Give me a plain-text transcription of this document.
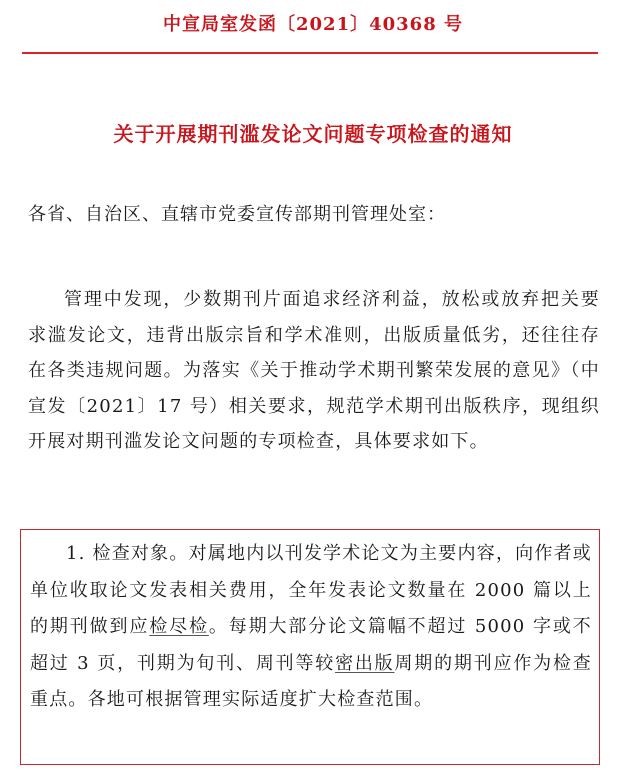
中宣局室发函〔2021〕40368 号
关于开展期刊滥发论文问题专项检查的通知
各省、自治区、直辖市党委宣传部期刊管理处室：

管理中发现，少数期刊片面追求经济利益，放松或放弃把关要求滥发论文，违背出版宗旨和学术准则，出版质量低劣，还往往存在各类违规问题。为落实《关于推动学术期刊繁荣发展的意见》（中宣发〔2021〕17 号）相关要求，规范学术期刊出版秩序，现组织开展对期刊滥发论文问题的专项检查，具体要求如下。

1. 检查对象。对属地内以刊发学术论文为主要内容，向作者或单位收取论文发表相关费用，全年发表论文数量在 2000 篇以上的期刊做到应检尽检。每期大部分论文篇幅不超过 5000 字或不超过 3 页，刊期为旬刊、周刊等较密出版周期的期刊应作为检查重点。各地可根据管理实际适度扩大检查范围。
